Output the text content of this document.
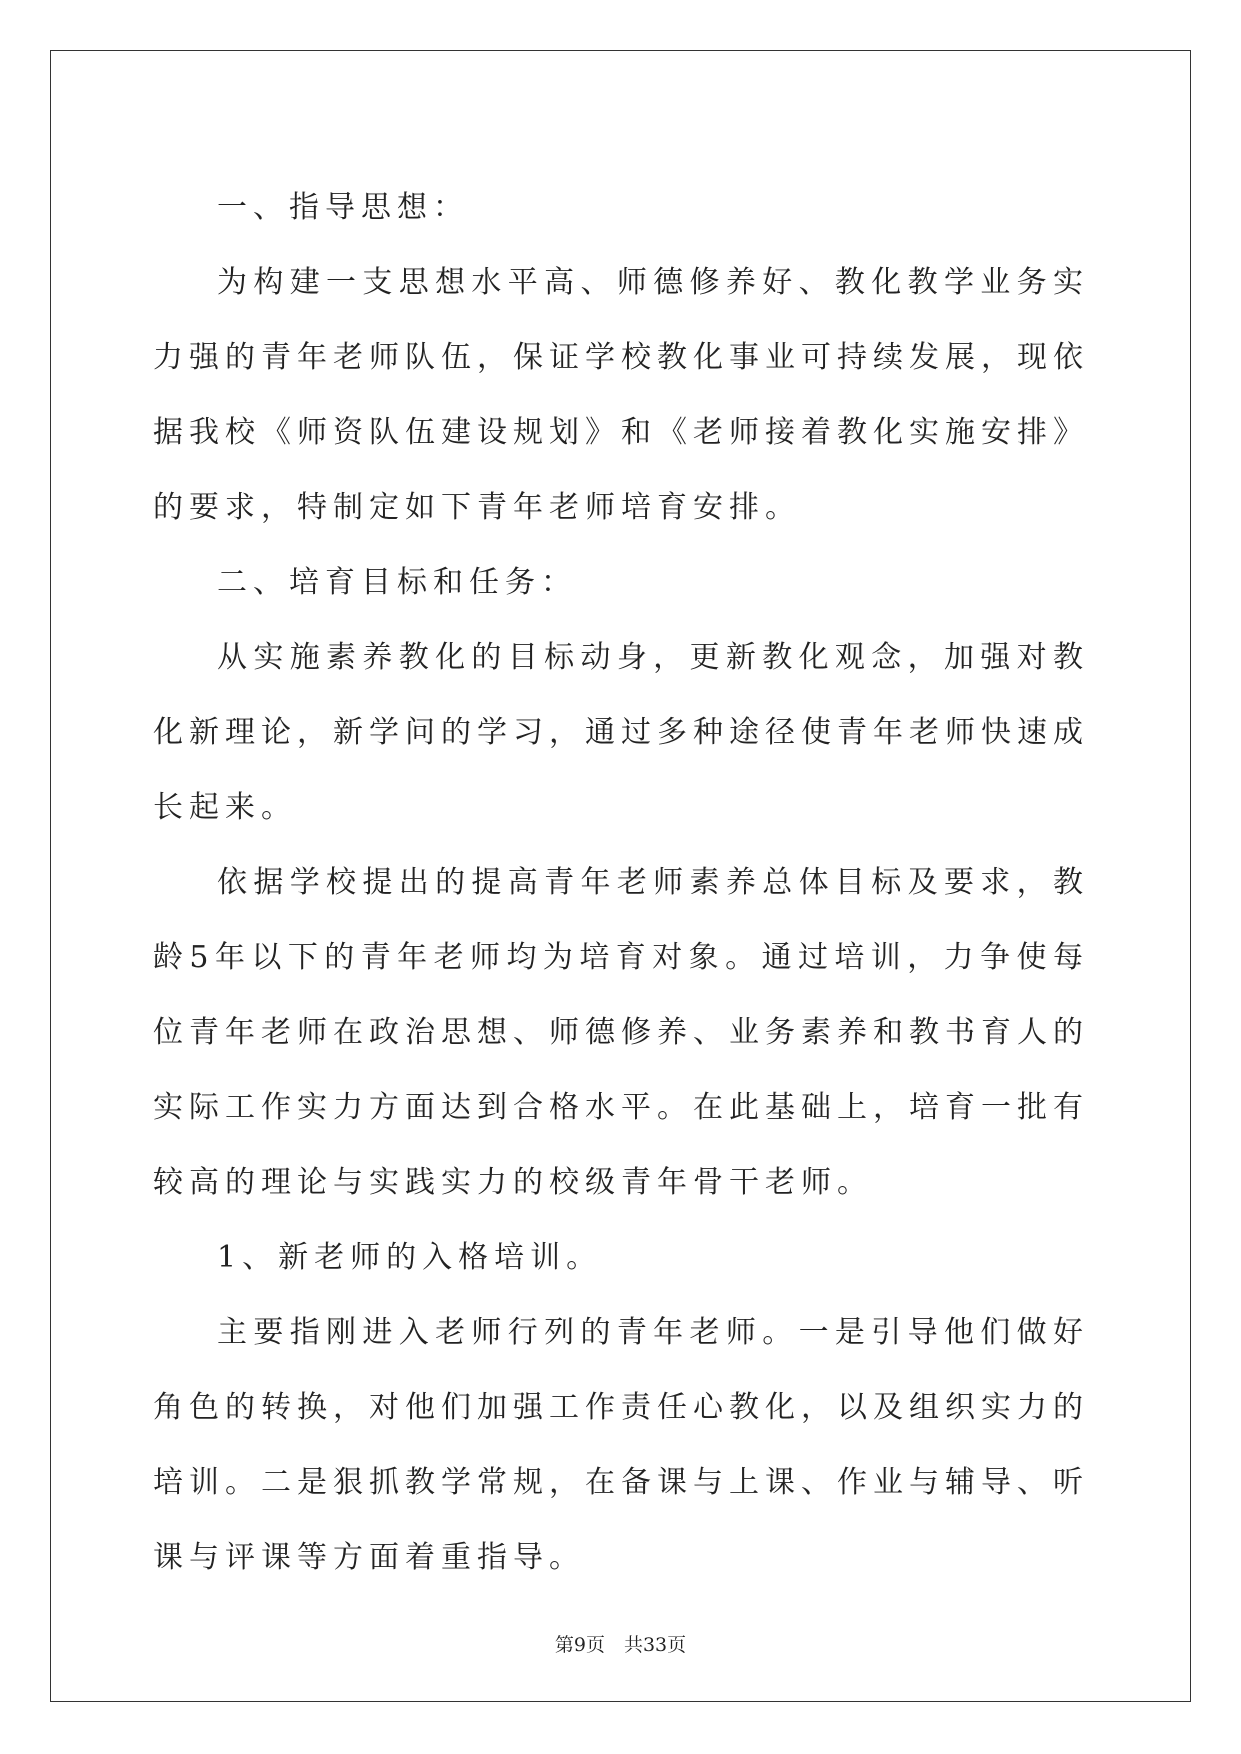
一、指导思想：

为构建一支思想水平高、师德修养好、教化教学业务实力强的青年老师队伍，保证学校教化事业可持续发展，现依据我校《师资队伍建设规划》和《老师接着教化实施安排》的要求，特制定如下青年老师培育安排。

二、培育目标和任务：

从实施素养教化的目标动身，更新教化观念，加强对教化新理论，新学问的学习，通过多种途径使青年老师快速成长起来。

依据学校提出的提高青年老师素养总体目标及要求，教龄5年以下的青年老师均为培育对象。通过培训，力争使每位青年老师在政治思想、师德修养、业务素养和教书育人的实际工作实力方面达到合格水平。在此基础上，培育一批有较高的理论与实践实力的校级青年骨干老师。

1、新老师的入格培训。

主要指刚进入老师行列的青年老师。一是引导他们做好角色的转换，对他们加强工作责任心教化，以及组织实力的培训。二是狠抓教学常规，在备课与上课、作业与辅导、听课与评课等方面着重指导。

第9页　共33页
